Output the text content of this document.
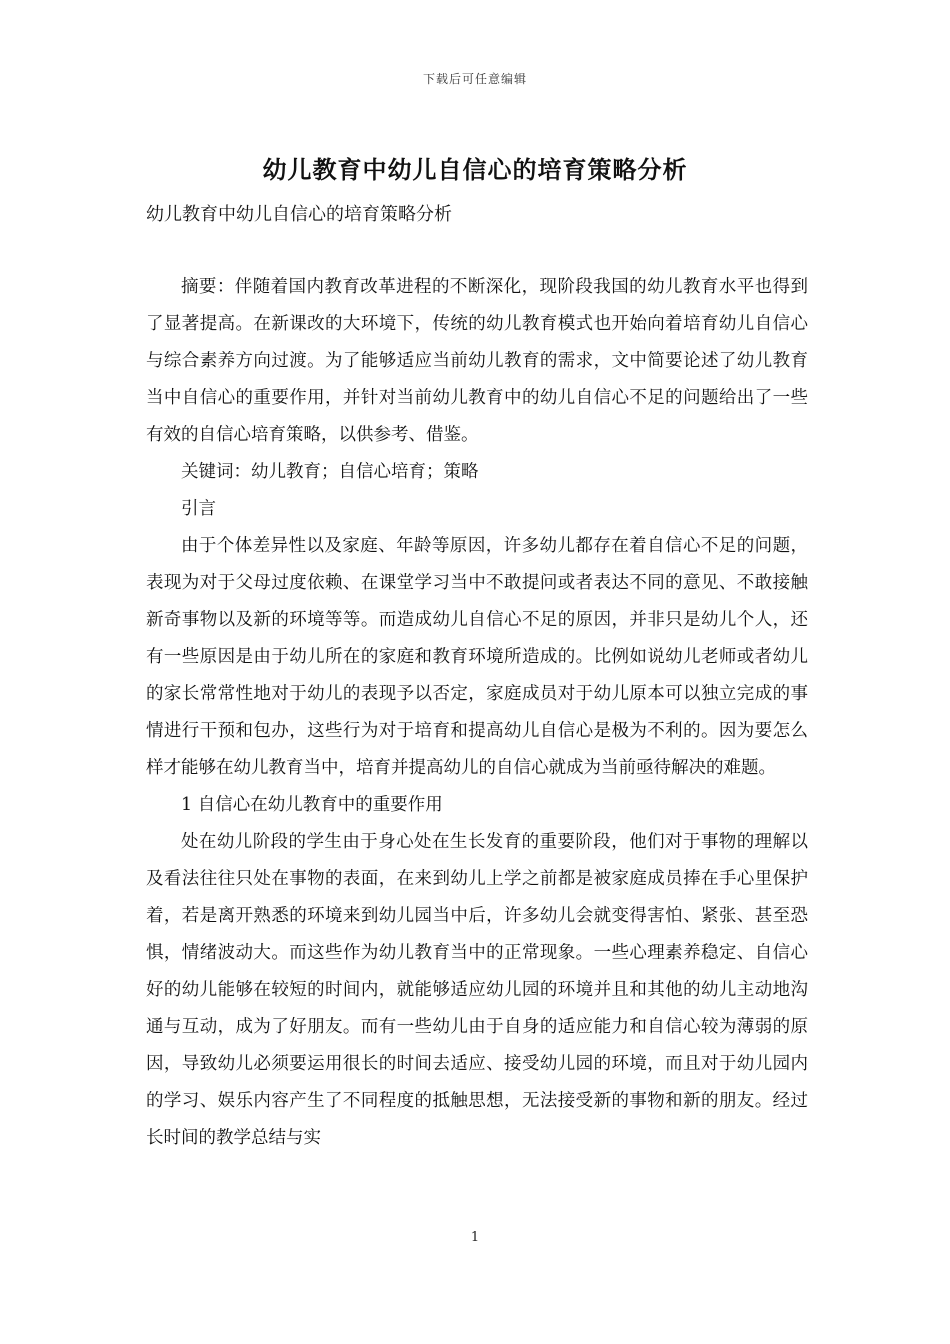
下载后可任意编辑
幼儿教育中幼儿自信心的培育策略分析

幼儿教育中幼儿自信心的培育策略分析

摘要：伴随着国内教育改革进程的不断深化，现阶段我国的幼儿教育水平也得到了显著提高。在新课改的大环境下，传统的幼儿教育模式也开始向着培育幼儿自信心与综合素养方向过渡。为了能够适应当前幼儿教育的需求，文中简要论述了幼儿教育当中自信心的重要作用，并针对当前幼儿教育中的幼儿自信心不足的问题给出了一些有效的自信心培育策略，以供参考、借鉴。

关键词：幼儿教育；自信心培育；策略

引言

由于个体差异性以及家庭、年龄等原因，许多幼儿都存在着自信心不足的问题，表现为对于父母过度依赖、在课堂学习当中不敢提问或者表达不同的意见、不敢接触新奇事物以及新的环境等等。而造成幼儿自信心不足的原因，并非只是幼儿个人，还有一些原因是由于幼儿所在的家庭和教育环境所造成的。比例如说幼儿老师或者幼儿的家长常常性地对于幼儿的表现予以否定，家庭成员对于幼儿原本可以独立完成的事情进行干预和包办，这些行为对于培育和提高幼儿自信心是极为不利的。因为要怎么样才能够在幼儿教育当中，培育并提高幼儿的自信心就成为当前亟待解决的难题。

1 自信心在幼儿教育中的重要作用

处在幼儿阶段的学生由于身心处在生长发育的重要阶段，他们对于事物的理解以及看法往往只处在事物的表面，在来到幼儿上学之前都是被家庭成员捧在手心里保护着，若是离开熟悉的环境来到幼儿园当中后，许多幼儿会就变得害怕、紧张、甚至恐惧，情绪波动大。而这些作为幼儿教育当中的正常现象。一些心理素养稳定、自信心好的幼儿能够在较短的时间内，就能够适应幼儿园的环境并且和其他的幼儿主动地沟通与互动，成为了好朋友。而有一些幼儿由于自身的适应能力和自信心较为薄弱的原因，导致幼儿必须要运用很长的时间去适应、接受幼儿园的环境，而且对于幼儿园内的学习、娱乐内容产生了不同程度的抵触思想，无法接受新的事物和新的朋友。经过长时间的教学总结与实

1
